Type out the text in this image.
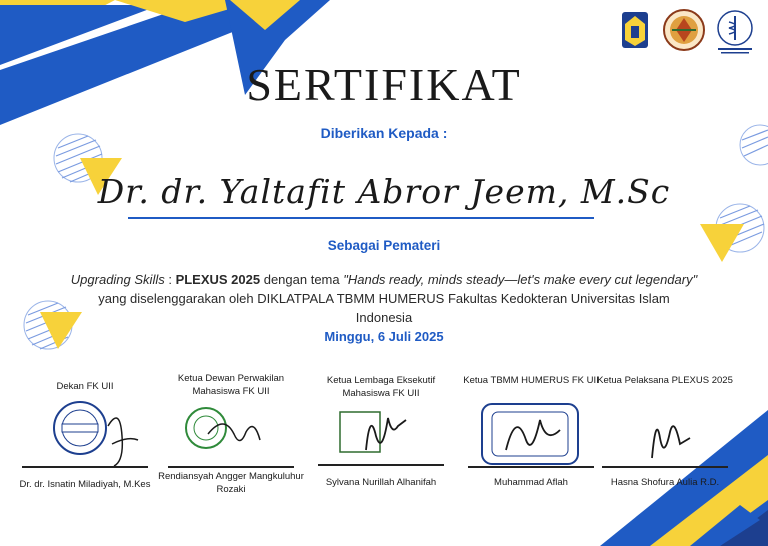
SERTIFIKAT
Diberikan Kepada :
Dr. dr. Yaltafit Abror Jeem, M.Sc
Sebagai Pemateri
Upgrading Skills : PLEXUS 2025 dengan tema "Hands ready, minds steady—let's make every cut legendary" yang diselenggarakan oleh DIKLATPALA TBMM HUMERUS Fakultas Kedokteran Universitas Islam Indonesia
Minggu, 6 Juli 2025
Dekan FK UII
Dr. dr. Isnatin Miladiyah, M.Kes
Ketua Dewan Perwakilan Mahasiswa FK UII
Rendiansyah Angger Mangkuluhur Rozaki
Ketua Lembaga Eksekutif Mahasiswa FK UII
Sylvana Nurillah Alhanifah
Ketua TBMM HUMERUS FK UII
Muhammad Aflah
Ketua Pelaksana PLEXUS 2025
Hasna Shofura Aulia R.D.
